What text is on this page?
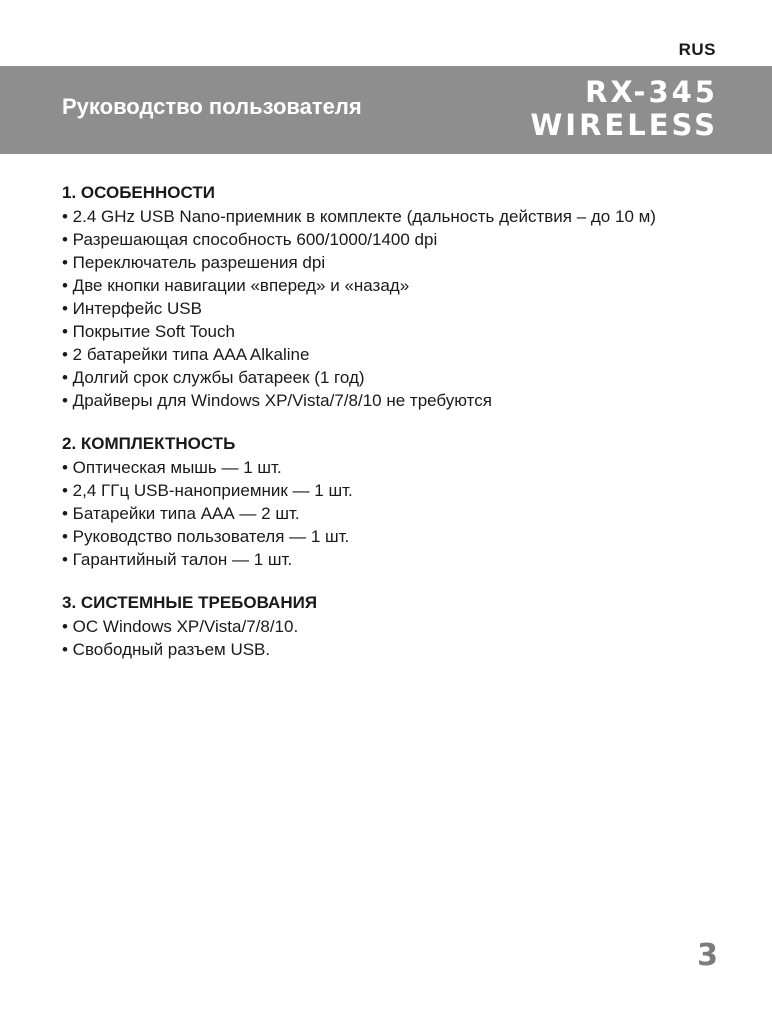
RUS
Руководство пользователя	RX-345
WIRELESS
1. ОСОБЕННОСТИ
• 2.4 GHz USB Nano-приемник в комплекте (дальность действия – до 10 м)
• Разрешающая способность 600/1000/1400 dpi
• Переключатель разрешения dpi
• Две кнопки навигации «вперед» и «назад»
• Интерфейс USB
• Покрытие Soft Touch
• 2 батарейки типа AAA Alkaline
• Долгий срок службы батареек (1 год)
• Драйверы для Windows XP/Vista/7/8/10 не требуются
2. КОМПЛЕКТНОСТЬ
• Оптическая мышь — 1 шт.
• 2,4 ГГц USB-нанoприемник — 1 шт.
• Батарейки типа ААА — 2 шт.
• Руководство пользователя — 1 шт.
• Гарантийный талон — 1 шт.
3. СИСТЕМНЫЕ ТРЕБОВАНИЯ
• ОС Windows XP/Vista/7/8/10.
• Свободный разъем USB.
3
